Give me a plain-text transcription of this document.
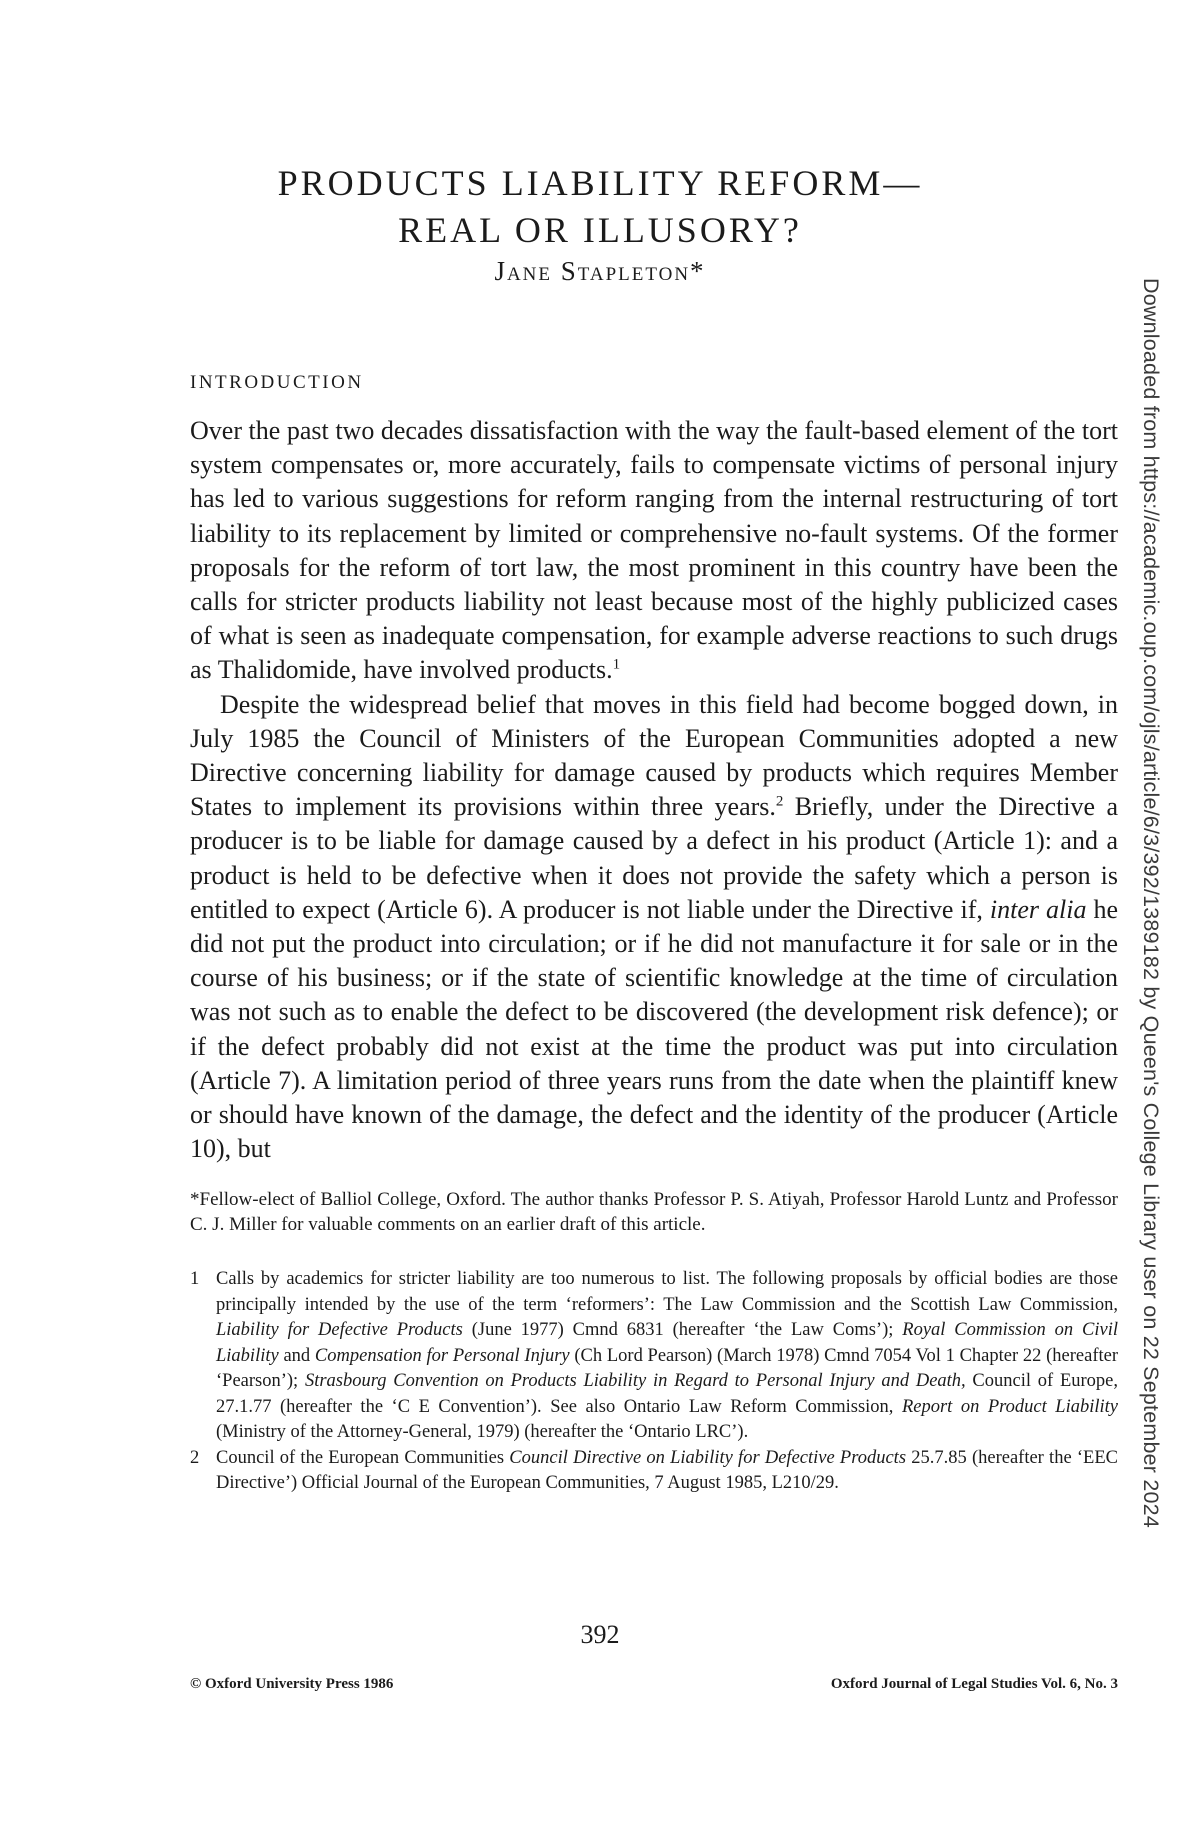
PRODUCTS LIABILITY REFORM—
REAL OR ILLUSORY?
Jane Stapleton*
INTRODUCTION

Over the past two decades dissatisfaction with the way the fault-based element of the tort system compensates or, more accurately, fails to compensate victims of personal injury has led to various suggestions for reform ranging from the internal restructuring of tort liability to its replacement by limited or comprehensive no-fault systems. Of the former proposals for the reform of tort law, the most prominent in this country have been the calls for stricter products liability not least because most of the highly publicized cases of what is seen as inadequate compensation, for example adverse reactions to such drugs as Thalidomide, have involved products.$^1$

Despite the widespread belief that moves in this field had become bogged down, in July 1985 the Council of Ministers of the European Communities adopted a new Directive concerning liability for damage caused by products which requires Member States to implement its provisions within three years.$^2$ Briefly, under the Directive a producer is to be liable for damage caused by a defect in his product (Article 1): and a product is held to be defective when it does not provide the safety which a person is entitled to expect (Article 6). A producer is not liable under the Directive if, inter alia he did not put the product into circulation; or if he did not manufacture it for sale or in the course of his business; or if the state of scientific knowledge at the time of circulation was not such as to enable the defect to be discovered (the development risk defence); or if the defect probably did not exist at the time the product was put into circulation (Article 7). A limitation period of three years runs from the date when the plaintiff knew or should have known of the damage, the defect and the identity of the producer (Article 10), but

*Fellow-elect of Balliol College, Oxford. The author thanks Professor P. S. Atiyah, Professor Harold Luntz and Professor C. J. Miller for valuable comments on an earlier draft of this article.

1 Calls by academics for stricter liability are too numerous to list. The following proposals by official bodies are those principally intended by the use of the term ‘reformers’: The Law Commission and the Scottish Law Commission, Liability for Defective Products (June 1977) Cmnd 6831 (hereafter ‘the Law Coms’); Royal Commission on Civil Liability and Compensation for Personal Injury (Ch Lord Pearson) (March 1978) Cmnd 7054 Vol 1 Chapter 22 (hereafter ‘Pearson’); Strasbourg Convention on Products Liability in Regard to Personal Injury and Death, Council of Europe, 27.1.77 (hereafter the ‘C E Convention’). See also Ontario Law Reform Commission, Report on Product Liability (Ministry of the Attorney-General, 1979) (hereafter the ‘Ontario LRC’).
2 Council of the European Communities Council Directive on Liability for Defective Products 25.7.85 (hereafter the ‘EEC Directive’) Official Journal of the European Communities, 7 August 1985, L210/29.
392
© Oxford University Press 1986	Oxford Journal of Legal Studies Vol. 6, No. 3
Downloaded from https://academic.oup.com/ojls/article/6/3/392/1389182 by Queen's College Library user on 22 September 2024
